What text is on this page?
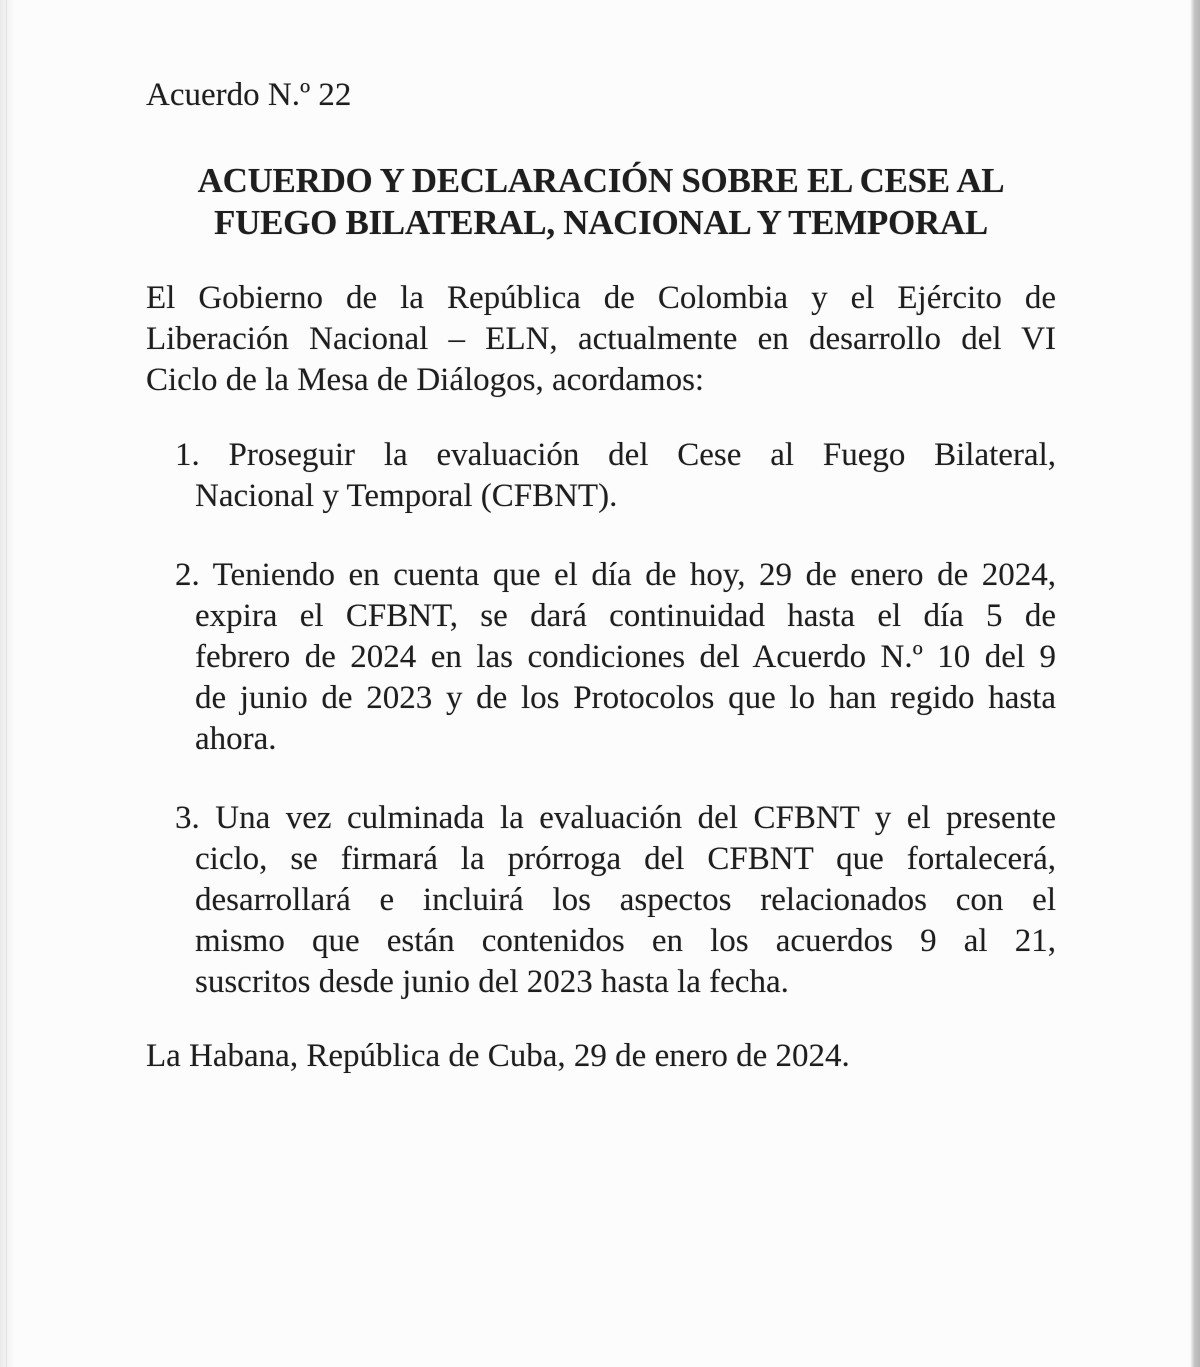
Acuerdo N.º 22
ACUERDO Y DECLARACIÓN SOBRE EL CESE AL
FUEGO BILATERAL, NACIONAL Y TEMPORAL
El Gobierno de la República de Colombia y el Ejército de
Liberación Nacional – ELN, actualmente en desarrollo del VI
Ciclo de la Mesa de Diálogos, acordamos:
1. Proseguir la evaluación del Cese al Fuego Bilateral,
Nacional y Temporal (CFBNT).
2. Teniendo en cuenta que el día de hoy, 29 de enero de 2024,
expira el CFBNT, se dará continuidad hasta el día 5 de
febrero de 2024 en las condiciones del Acuerdo N.º 10 del 9
de junio de 2023 y de los Protocolos que lo han regido hasta
ahora.
3. Una vez culminada la evaluación del CFBNT y el presente
ciclo, se firmará la prórroga del CFBNT que fortalecerá,
desarrollará e incluirá los aspectos relacionados con el
mismo que están contenidos en los acuerdos 9 al 21,
suscritos desde junio del 2023 hasta la fecha.
La Habana, República de Cuba, 29 de enero de 2024.
